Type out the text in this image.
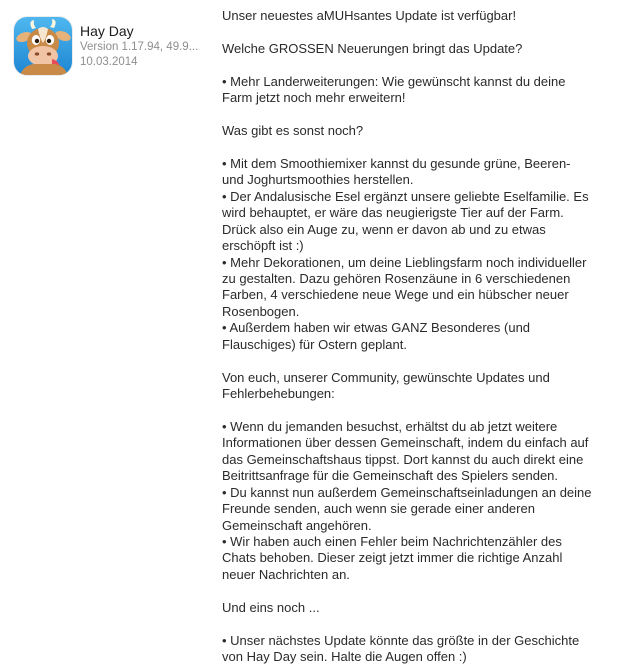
Hay Day
Version 1.17.94, 49.9...
10.03.2014
Unser neuestes aMUHsantes Update ist verfügbar!
Welche GROSSEN Neuerungen bringt das Update?
• Mehr Landerweiterungen: Wie gewünscht kannst du deine
Farm jetzt noch mehr erweitern!
Was gibt es sonst noch?
• Mit dem Smoothiemixer kannst du gesunde grüne, Beeren-
und Joghurtsmoothies herstellen.
• Der Andalusische Esel ergänzt unsere geliebte Eselfamilie. Es
wird behauptet, er wäre das neugierigste Tier auf der Farm.
Drück also ein Auge zu, wenn er davon ab und zu etwas
erschöpft ist :)
• Mehr Dekorationen, um deine Lieblingsfarm noch individueller
zu gestalten. Dazu gehören Rosenzäune in 6 verschiedenen
Farben, 4 verschiedene neue Wege und ein hübscher neuer
Rosenbogen.
• Außerdem haben wir etwas GANZ Besonderes (und
Flauschiges) für Ostern geplant.
Von euch, unserer Community, gewünschte Updates und
Fehlerbehebungen:
• Wenn du jemanden besuchst, erhältst du ab jetzt weitere
Informationen über dessen Gemeinschaft, indem du einfach auf
das Gemeinschaftshaus tippst. Dort kannst du auch direkt eine
Beitrittsanfrage für die Gemeinschaft des Spielers senden.
• Du kannst nun außerdem Gemeinschaftseinladungen an deine
Freunde senden, auch wenn sie gerade einer anderen
Gemeinschaft angehören.
• Wir haben auch einen Fehler beim Nachrichtenzähler des
Chats behoben. Dieser zeigt jetzt immer die richtige Anzahl
neuer Nachrichten an.
Und eins noch ...
• Unser nächstes Update könnte das größte in der Geschichte
von Hay Day sein. Halte die Augen offen :)
